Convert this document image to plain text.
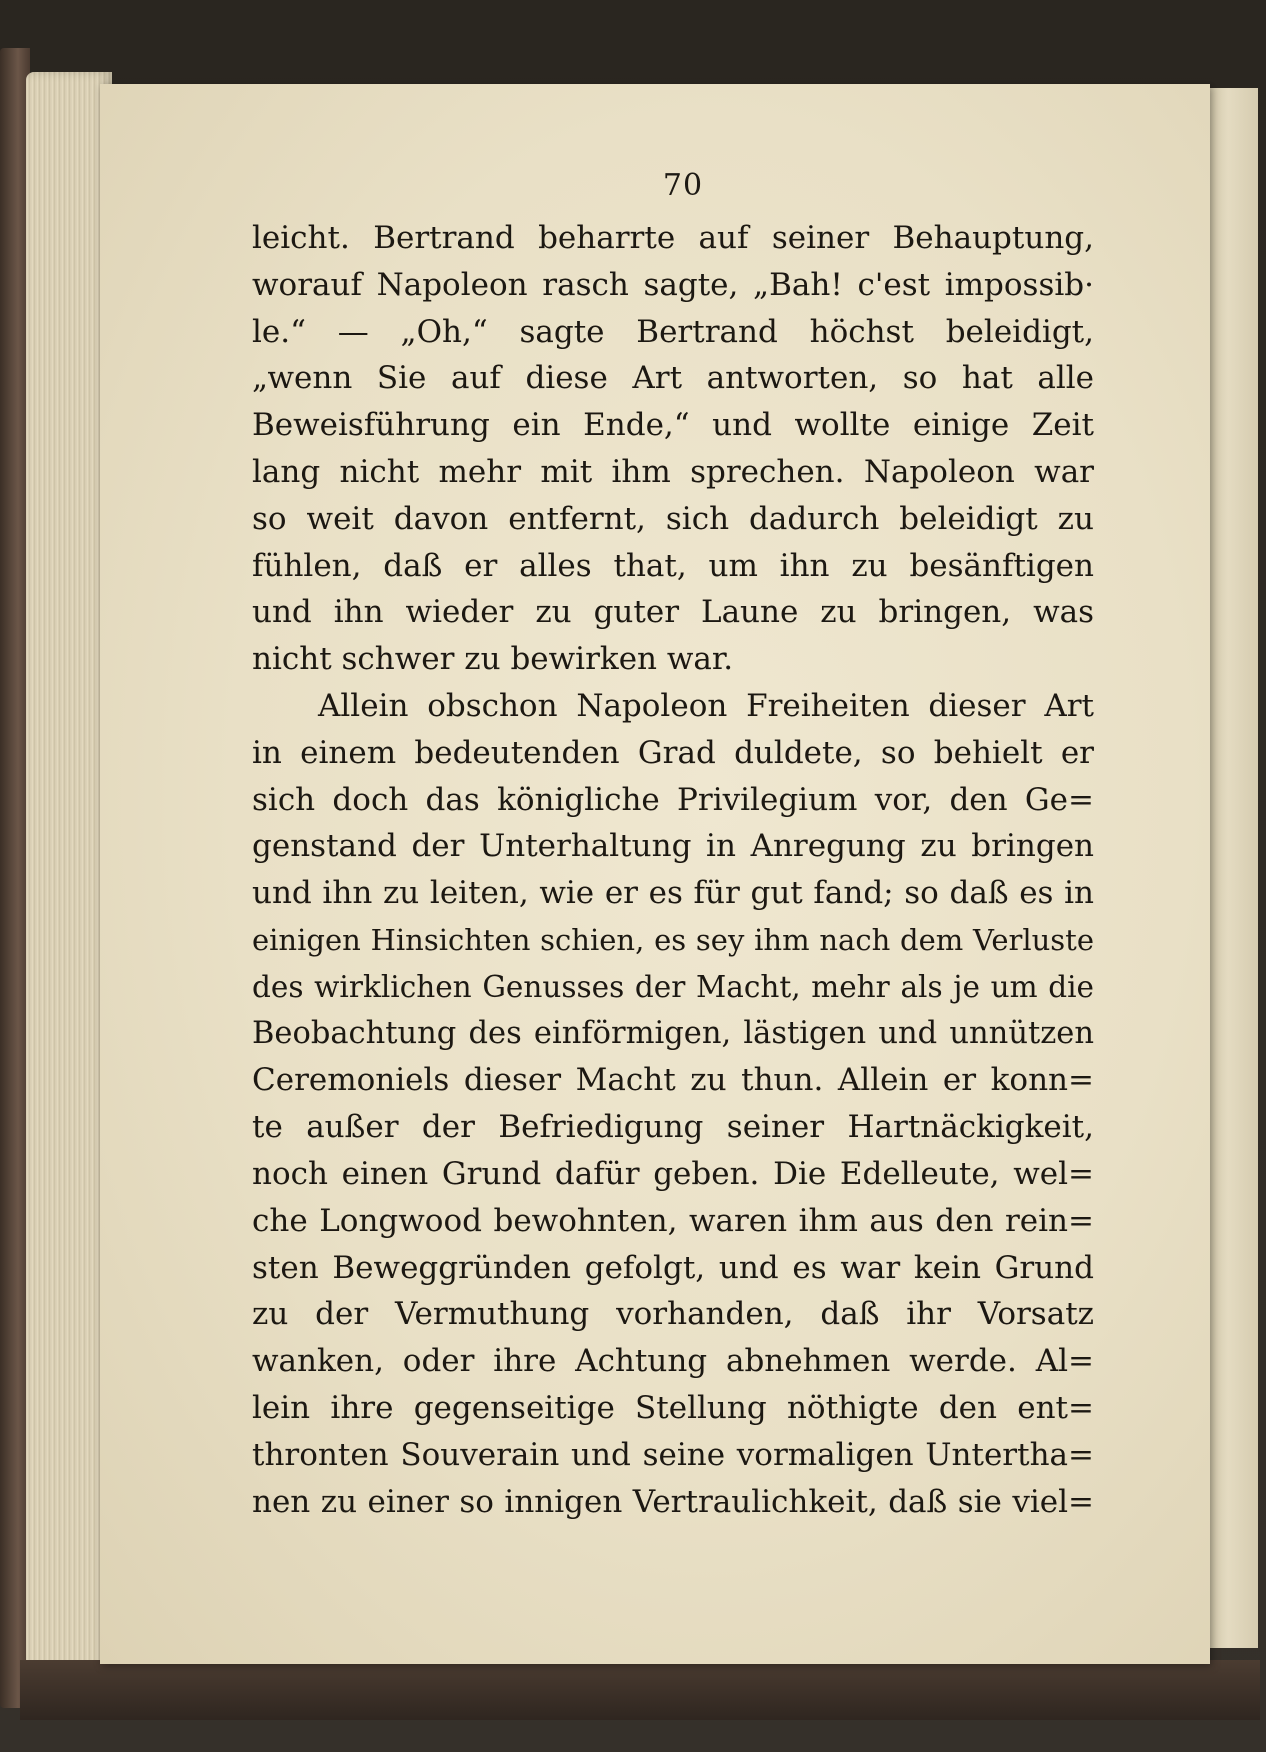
70
leicht. Bertrand beharrte auf seiner Behauptung,
worauf Napoleon rasch sagte, „Bah! c'est impossib·
le.“ — „Oh,“ sagte Bertrand höchst beleidigt,
„wenn Sie auf diese Art antworten, so hat alle
Beweisführung ein Ende,“ und wollte einige Zeit
lang nicht mehr mit ihm sprechen. Napoleon war
so weit davon entfernt, sich dadurch beleidigt zu
fühlen, daß er alles that, um ihn zu besänftigen
und ihn wieder zu guter Laune zu bringen, was
nicht schwer zu bewirken war.
Allein obschon Napoleon Freiheiten dieser Art
in einem bedeutenden Grad duldete, so behielt er
sich doch das königliche Privilegium vor, den Ge=
genstand der Unterhaltung in Anregung zu bringen
und ihn zu leiten, wie er es für gut fand; so daß es in
einigen Hinsichten schien, es sey ihm nach dem Verluste
des wirklichen Genusses der Macht, mehr als je um die
Beobachtung des einförmigen, lästigen und unnützen
Ceremoniels dieser Macht zu thun. Allein er konn=
te außer der Befriedigung seiner Hartnäckigkeit,
noch einen Grund dafür geben. Die Edelleute, wel=
che Longwood bewohnten, waren ihm aus den rein=
sten Beweggründen gefolgt, und es war kein Grund
zu der Vermuthung vorhanden, daß ihr Vorsatz
wanken, oder ihre Achtung abnehmen werde. Al=
lein ihre gegenseitige Stellung nöthigte den ent=
thronten Souverain und seine vormaligen Untertha=
nen zu einer so innigen Vertraulichkeit, daß sie viel=
